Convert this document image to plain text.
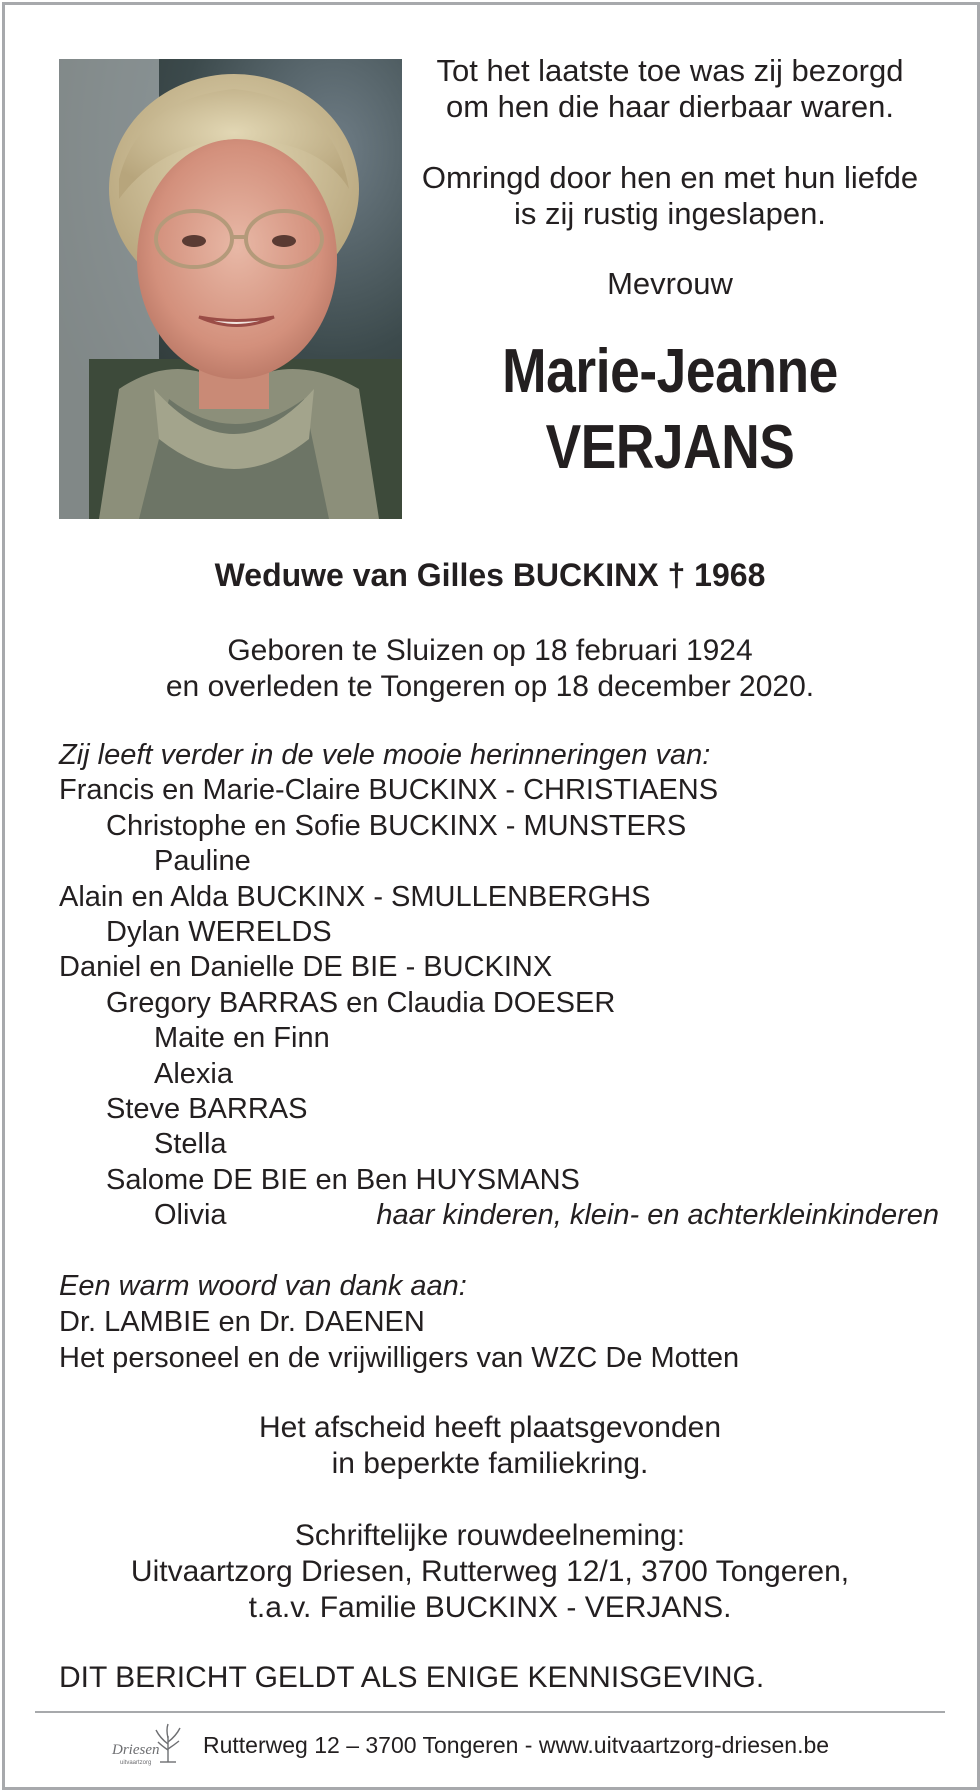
Tot het laatste toe was zij bezorgd

om hen die haar dierbaar waren.

Omringd door hen en met hun liefde

is zij rustig ingeslapen.

Mevrouw

Marie-Jeanne
VERJANS

Weduwe van Gilles BUCKINX † 1968

Geboren te Sluizen op 18 februari 1924

en overleden te Tongeren op 18 december 2020.

Zij leeft verder in de vele mooie herinneringen van:
Francis en Marie-Claire BUCKINX - CHRISTIAENS
Christophe en Sofie BUCKINX - MUNSTERS
Pauline
Alain en Alda BUCKINX - SMULLENBERGHS
Dylan WERELDS
Daniel en Danielle DE BIE - BUCKINX
Gregory BARRAS en Claudia DOESER
Maite en Finn
Alexia
Steve BARRAS
Stella
Salome DE BIE en Ben HUYSMANS
Olivia	haar kinderen, klein- en achterkleinkinderen
Een warm woord van dank aan:
Dr. LAMBIE en Dr. DAENEN
Het personeel en de vrijwilligers van WZC De Motten

Het afscheid heeft plaatsgevonden

in beperkte familiekring.

Schriftelijke rouwdeelneming:

Uitvaartzorg Driesen, Rutterweg 12/1, 3700 Tongeren,

t.a.v. Familie BUCKINX - VERJANS.

DIT BERICHT GELDT ALS ENIGE KENNISGEVING.

Driesen
uitvaartzorg

Rutterweg 12 – 3700 Tongeren - www.uitvaartzorg-driesen.be
